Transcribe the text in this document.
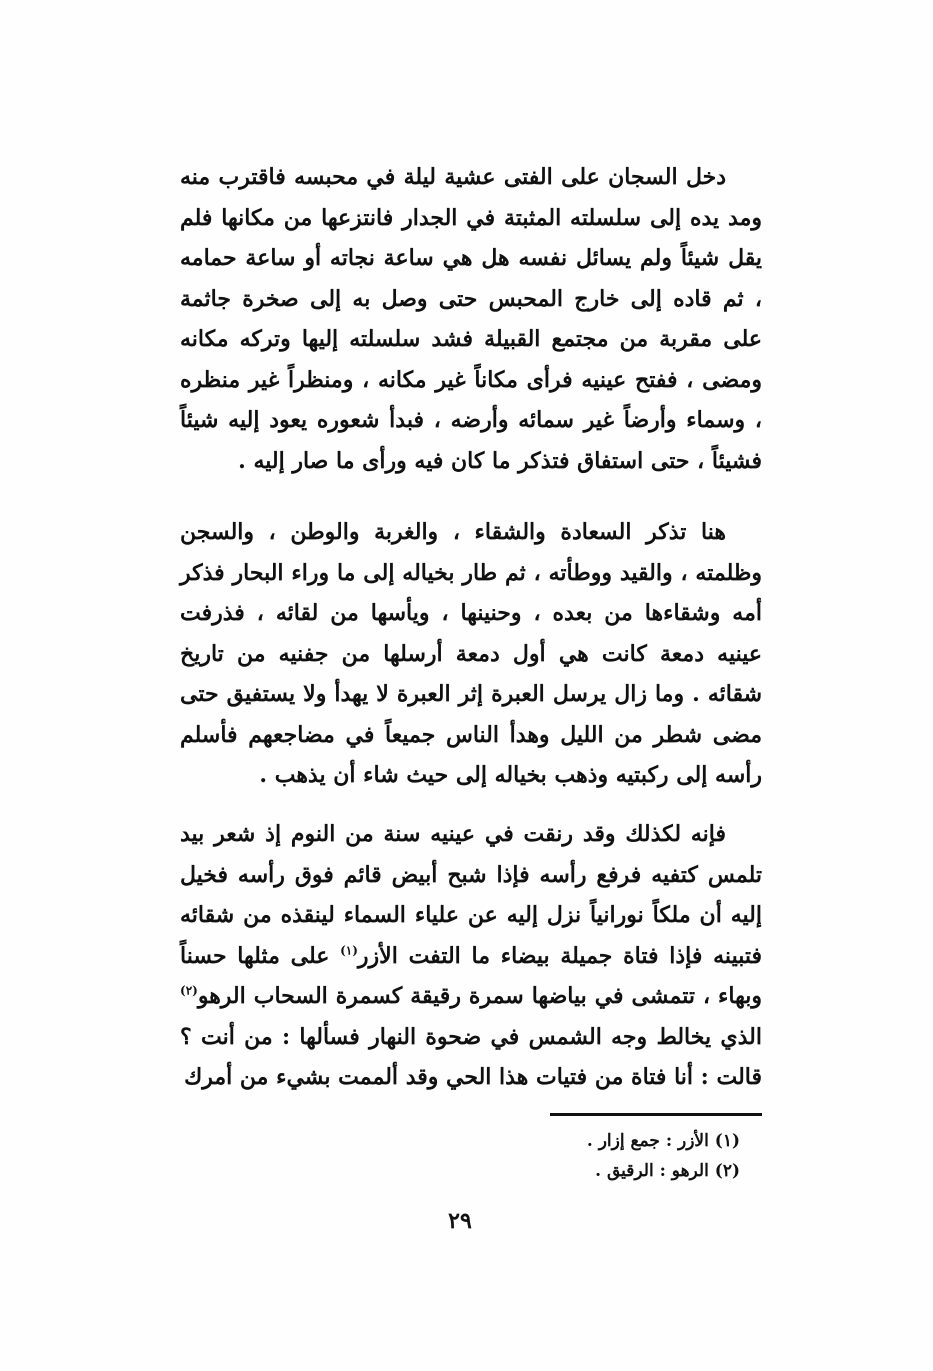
دخل السجان على الفتى عشية ليلة في محبسه فاقترب منه ومد يده إلى سلسلته المثبتة في الجدار فانتزعها من مكانها فلم يقل شيئاً ولم يسائل نفسه هل هي ساعة نجاته أو ساعة حمامه ، ثم قاده إلى خارج المحبس حتى وصل به إلى صخرة جاثمة على مقربة من مجتمع القبيلة فشد سلسلته إليها وتركه مكانه ومضى ، ففتح عينيه فرأى مكاناً غير مكانه ، ومنظراً غير منظره ، وسماء وأرضاً غير سمائه وأرضه ، فبدأ شعوره يعود إليه شيئاً فشيئاً ، حتى استفاق فتذكر ما كان فيه ورأى ما صار إليه .

هنا تذكر السعادة والشقاء ، والغربة والوطن ، والسجن وظلمته ، والقيد ووطأته ، ثم طار بخياله إلى ما وراء البحار فذكر أمه وشقاءها من بعده ، وحنينها ، ويأسها من لقائه ، فذرفت عينيه دمعة كانت هي أول دمعة أرسلها من جفنيه من تاريخ شقائه . وما زال يرسل العبرة إثر العبرة لا يهدأ ولا يستفيق حتى مضى شطر من الليل وهدأ الناس جميعاً في مضاجعهم فأسلم رأسه إلى ركبتيه وذهب بخياله إلى حيث شاء أن يذهب .

فإنه لكذلك وقد رنقت في عينيه سنة من النوم إذ شعر بيد تلمس كتفيه فرفع رأسه فإذا شبح أبيض قائم فوق رأسه فخيل إليه أن ملكاً نورانياً نزل إليه عن علياء السماء لينقذه من شقائه فتبينه فإذا فتاة جميلة بيضاء ما التفت الأزر$^{(١)}$ على مثلها حسناً وبهاء ، تتمشى في بياضها سمرة رقيقة كسمرة السحاب الرهو$^{(٢)}$ الذي يخالط وجه الشمس في ضحوة النهار فسألها : من أنت ؟ قالت : أنا فتاة من فتيات هذا الحي وقد ألممت بشيء من أمرك

(١) الأزر : جمع إزار .
(٢) الرهو : الرقيق .
٢٩
